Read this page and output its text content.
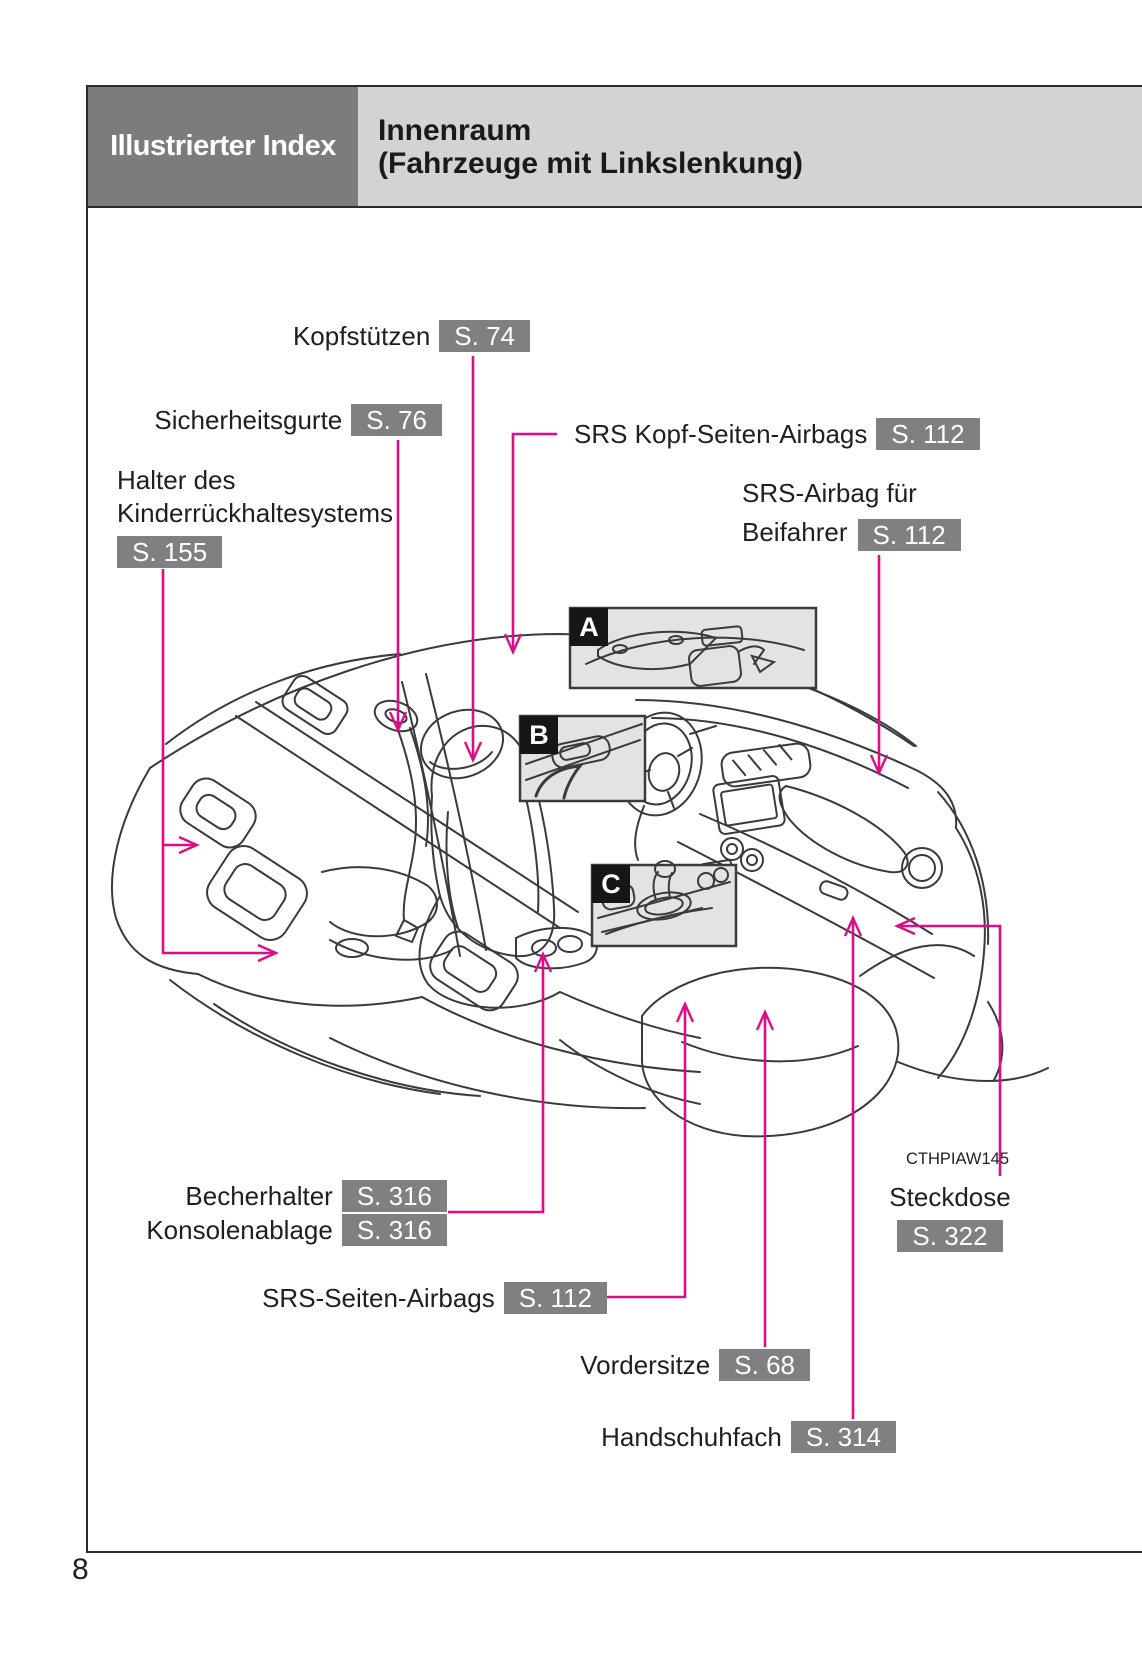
Illustrierter Index Innenraum
(Fahrzeuge mit Linkslenkung)
8
A
B
C
Kopfstützen S. 74
Sicherheitsgurte S. 76	SRS Kopf-Seiten-Airbags S. 112
Halter des
Kinderrückhaltesystems
S. 155
SRS-Airbag für
Beifahrer S. 112
Becherhalter S. 316
Konsolenablage S. 316
SRS-Seiten-Airbags S. 112
Vordersitze S. 68
Handschuhfach S. 314
Steckdose
S. 322
CTHPIAW145
